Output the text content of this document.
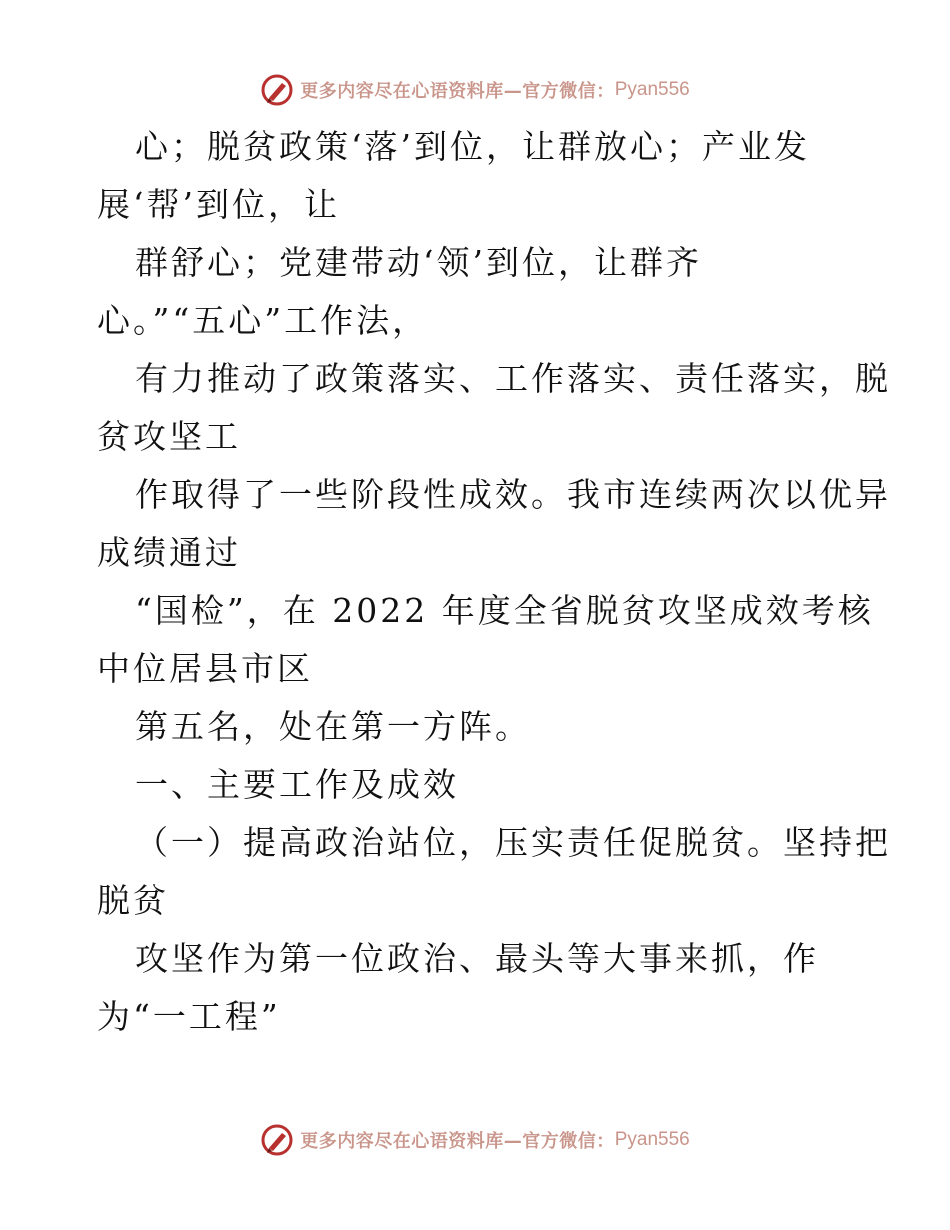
更多内容尽在心语资料库—官方微信： Pyan556
心；脱贫政策‘落’到位，让群放心；产业发
展‘帮’到位，让
群舒心；党建带动‘领’到位，让群齐
心。”“五心”工作法，
有力推动了政策落实、工作落实、责任落实，脱
贫攻坚工
作取得了一些阶段性成效。我市连续两次以优异
成绩通过
“国检”，在 2022 年度全省脱贫攻坚成效考核
中位居县市区
第五名，处在第一方阵。
一、主要工作及成效
（一）提高政治站位，压实责任促脱贫。坚持把
脱贫
攻坚作为第一位政治、最头等大事来抓，作
为“一工程”
更多内容尽在心语资料库—官方微信： Pyan556
